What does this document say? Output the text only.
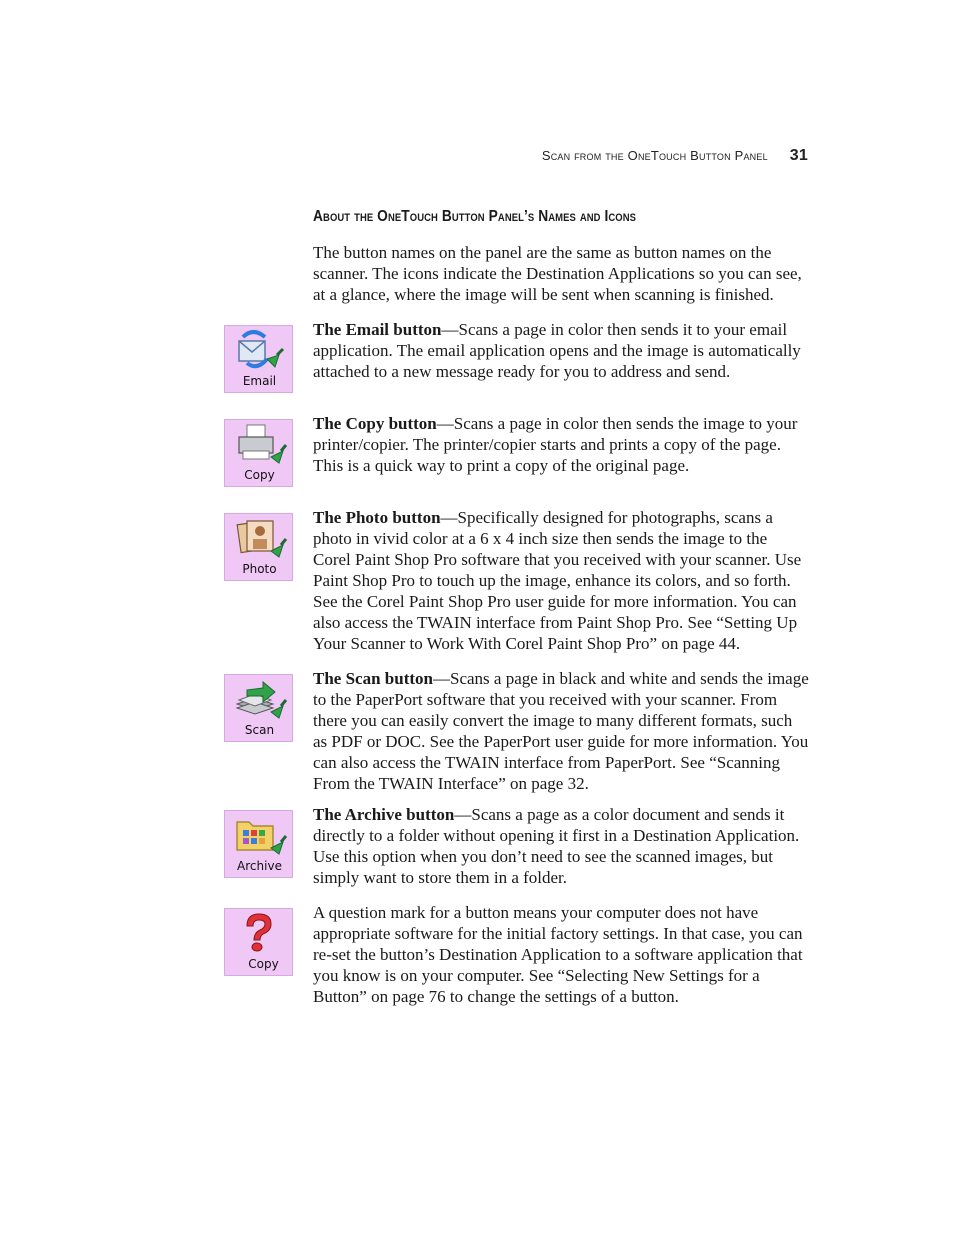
Scan from the OneTouch Button Panel 31
About the OneTouch Button Panel’s Names and Icons

The button names on the panel are the same as button names on the scanner. The icons indicate the Destination Applications so you can see, at a glance, where the image will be sent when scanning is finished.

Email

The Email button—Scans a page in color then sends it to your email application. The email application opens and the image is automatically attached to a new message ready for you to address and send.

Copy

The Copy button—Scans a page in color then sends the image to your printer/copier. The printer/copier starts and prints a copy of the page. This is a quick way to print a copy of the original page.

Photo

The Photo button—Specifically designed for photographs, scans a photo in vivid color at a 6 x 4 inch size then sends the image to the Corel Paint Shop Pro software that you received with your scanner. Use Paint Shop Pro to touch up the image, enhance its colors, and so forth. See the Corel Paint Shop Pro user guide for more information. You can also access the TWAIN interface from Paint Shop Pro. See “Setting Up Your Scanner to Work With Corel Paint Shop Pro” on page 44.

Scan

The Scan button—Scans a page in black and white and sends the image to the PaperPort software that you received with your scanner. From there you can easily convert the image to many different formats, such as PDF or DOC. See the PaperPort user guide for more information. You can also access the TWAIN interface from PaperPort. See “Scanning From the TWAIN Interface” on page 32.

Archive

The Archive button—Scans a page as a color document and sends it directly to a folder without opening it first in a Destination Application. Use this option when you don’t need to see the scanned images, but simply want to store them in a folder.

Copy

A question mark for a button means your computer does not have appropriate software for the initial factory settings. In that case, you can re-set the button’s Destination Application to a software application that you know is on your computer. See “Selecting New Settings for a Button” on page 76 to change the settings of a button.
